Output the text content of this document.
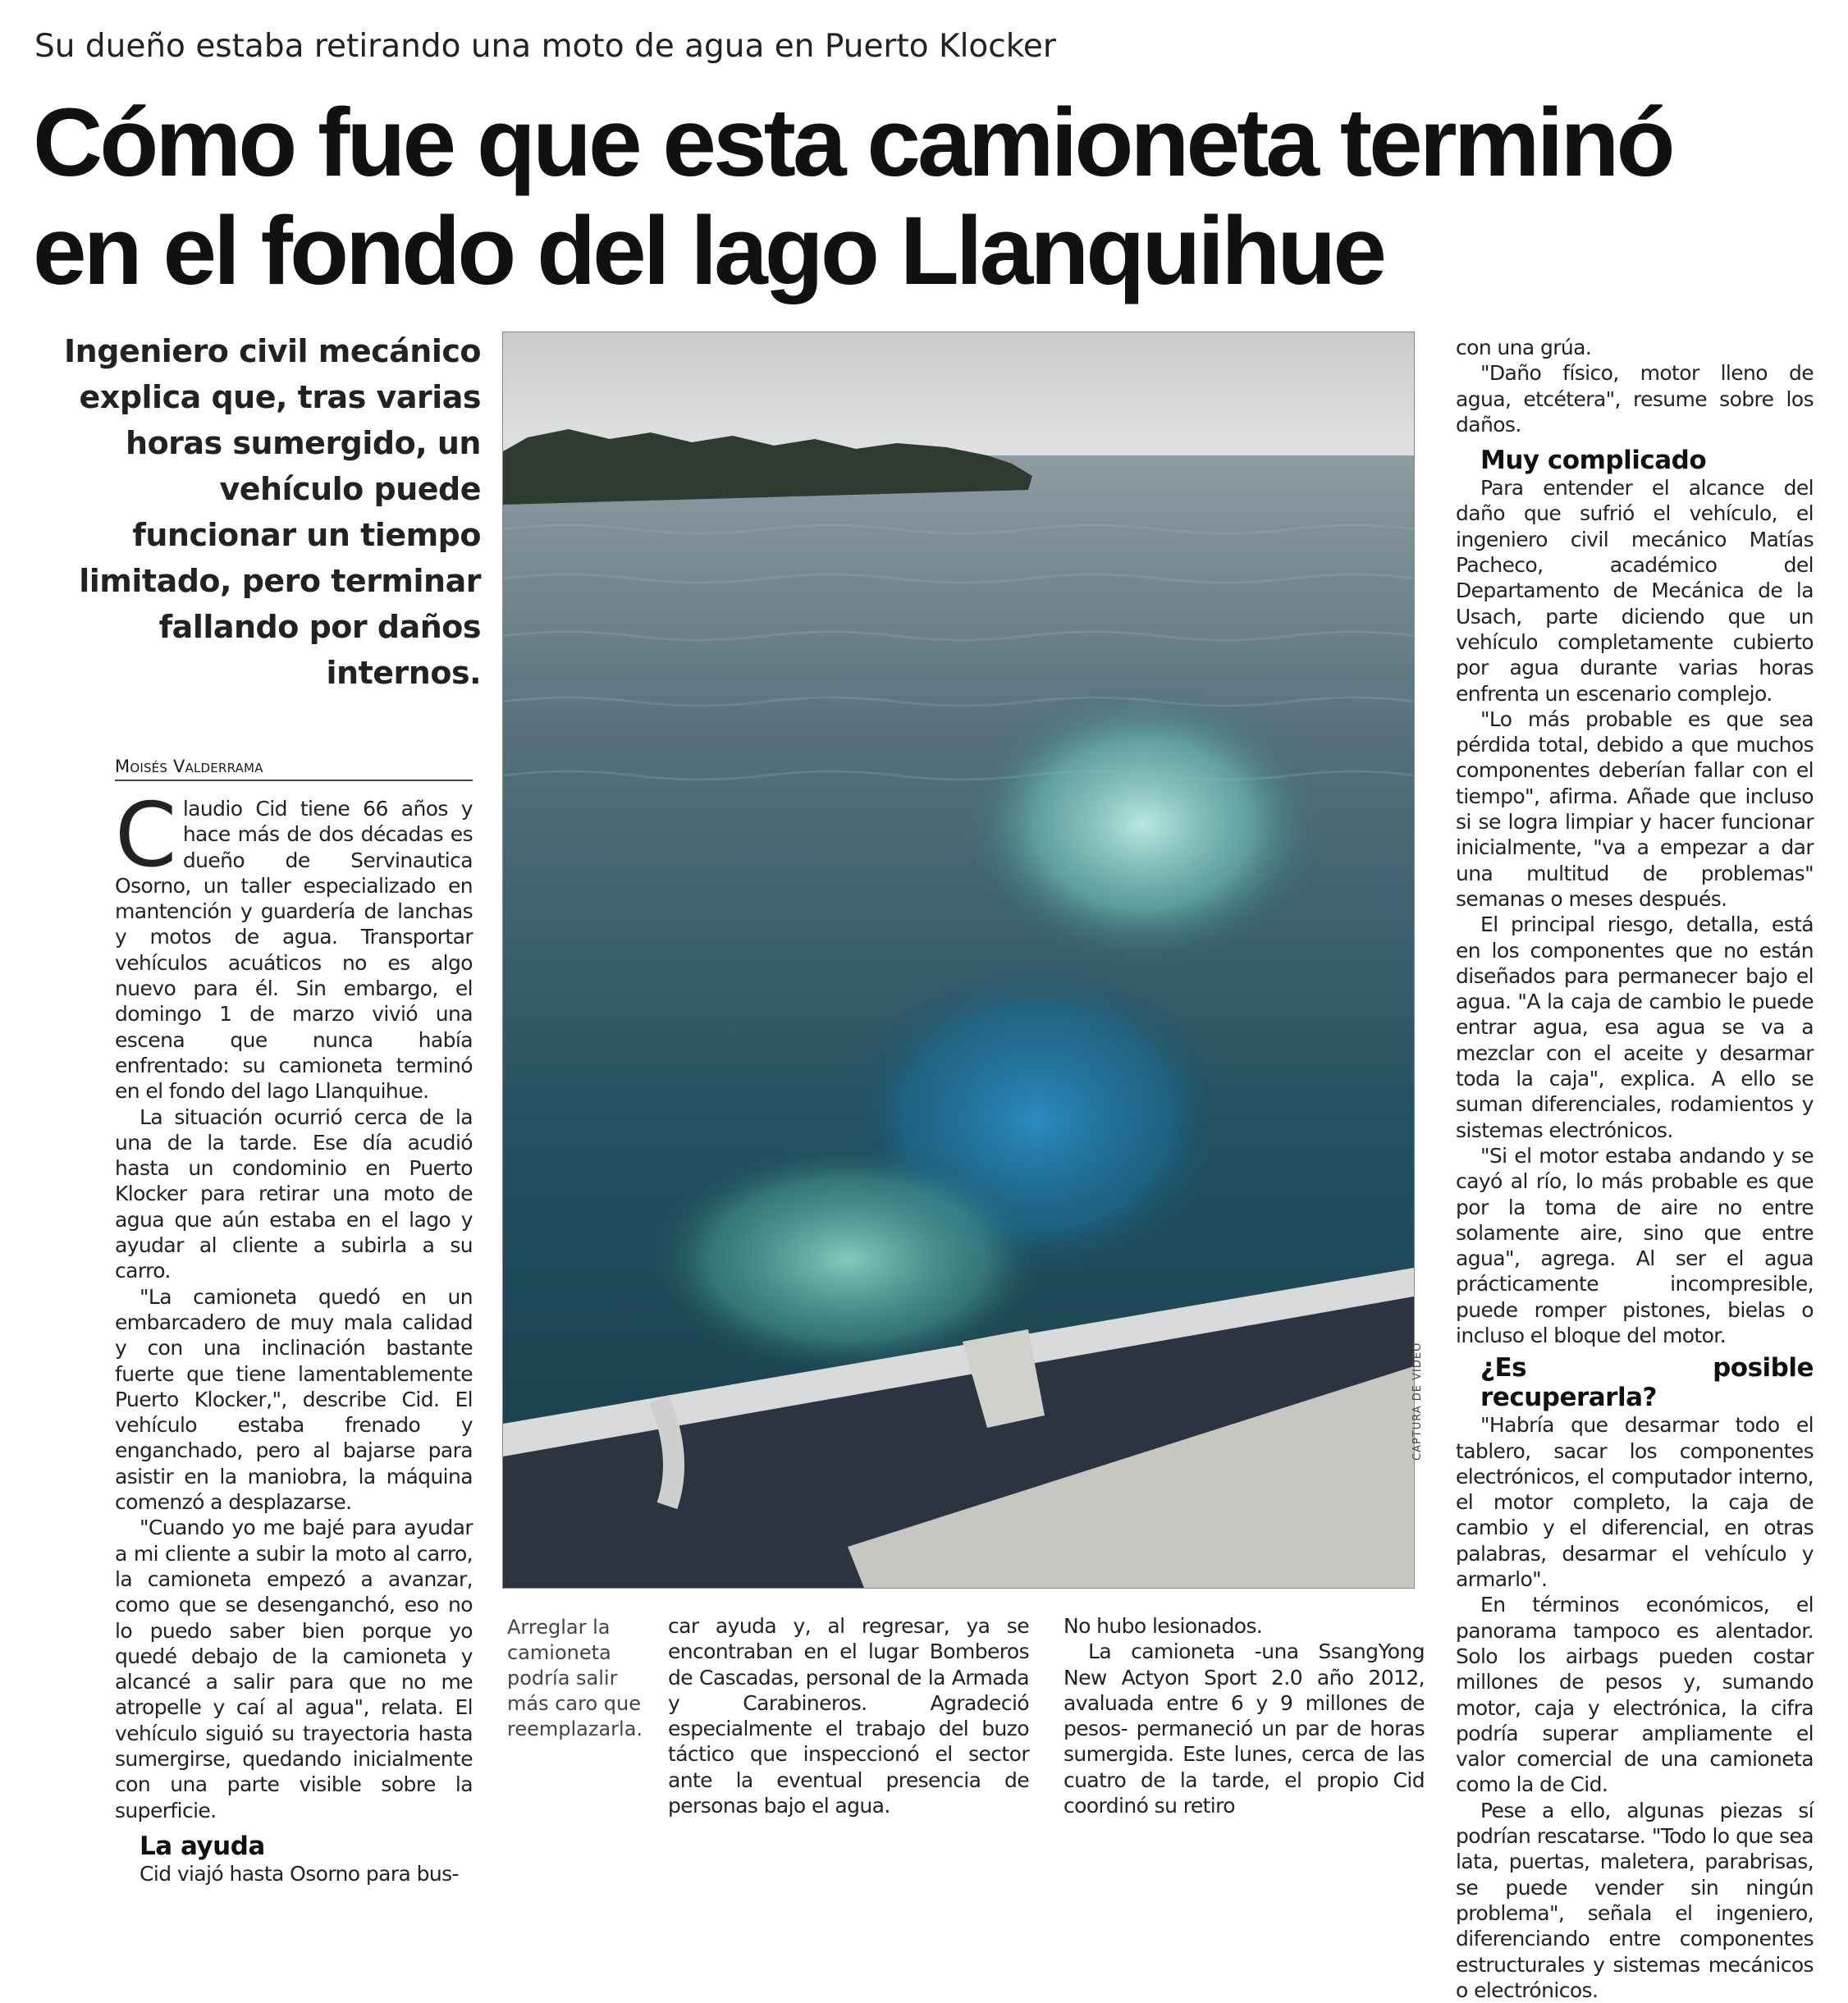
Su dueño estaba retirando una moto de agua en Puerto Klocker
Cómo fue que esta camioneta terminó
en el fondo del lago Llanquihue
Ingeniero civil mecánico explica que, tras varias horas sumergido, un vehículo puede funcionar un tiempo limitado, pero terminar fallando por daños internos.
Moisés Valderrama

Claudio Cid tiene 66 años y hace más de dos décadas es dueño de Servinautica Osorno, un taller especializado en mantención y guardería de lanchas y motos de agua. Transportar vehículos acuáticos no es algo nuevo para él. Sin embargo, el domingo 1 de marzo vivió una escena que nunca había enfrentado: su camioneta terminó en el fondo del lago Llanquihue.

La situación ocurrió cerca de la una de la tarde. Ese día acudió hasta un condominio en Puerto Klocker para retirar una moto de agua que aún estaba en el lago y ayudar al cliente a subirla a su carro.

"La camioneta quedó en un embarcadero de muy mala calidad y con una inclinación bastante fuerte que tiene lamentablemente Puerto Klocker,", describe Cid. El vehículo estaba frenado y enganchado, pero al bajarse para asistir en la maniobra, la máquina comenzó a desplazarse.

"Cuando yo me bajé para ayudar a mi cliente a subir la moto al carro, la camioneta empezó a avanzar, como que se desenganchó, eso no lo puedo saber bien porque yo quedé debajo de la camioneta y alcancé a salir para que no me atropelle y caí al agua", relata. El vehículo siguió su trayectoria hasta sumergirse, quedando inicialmente con una parte visible sobre la superficie.

La ayuda

Cid viajó hasta Osorno para bus-

CAPTURA DE VIDEO
Arreglar la camioneta podría salir más caro que reemplazarla.

car ayuda y, al regresar, ya se encontraban en el lugar Bomberos de Cascadas, personal de la Armada y Carabineros. Agradeció especialmente el trabajo del buzo táctico que inspeccionó el sector ante la eventual presencia de personas bajo el agua.

No hubo lesionados.

La camioneta -una SsangYong New Actyon Sport 2.0 año 2012, avaluada entre 6 y 9 millones de pesos- permaneció un par de horas sumergida. Este lunes, cerca de las cuatro de la tarde, el propio Cid coordinó su retiro

con una grúa.

"Daño físico, motor lleno de agua, etcétera", resume sobre los daños.

Muy complicado

Para entender el alcance del daño que sufrió el vehículo, el ingeniero civil mecánico Matías Pacheco, académico del Departamento de Mecánica de la Usach, parte diciendo que un vehículo completamente cubierto por agua durante varias horas enfrenta un escenario complejo.

"Lo más probable es que sea pérdida total, debido a que muchos componentes deberían fallar con el tiempo", afirma. Añade que incluso si se logra limpiar y hacer funcionar inicialmente, "va a empezar a dar una multitud de problemas" semanas o meses después.

El principal riesgo, detalla, está en los componentes que no están diseñados para permanecer bajo el agua. "A la caja de cambio le puede entrar agua, esa agua se va a mezclar con el aceite y desarmar toda la caja", explica. A ello se suman diferenciales, rodamientos y sistemas electrónicos.

"Si el motor estaba andando y se cayó al río, lo más probable es que por la toma de aire no entre solamente aire, sino que entre agua", agrega. Al ser el agua prácticamente incompresible, puede romper pistones, bielas o incluso el bloque del motor.

¿Es posible recuperarla?

"Habría que desarmar todo el tablero, sacar los componentes electrónicos, el computador interno, el motor completo, la caja de cambio y el diferencial, en otras palabras, desarmar el vehículo y armarlo".

En términos económicos, el panorama tampoco es alentador. Solo los airbags pueden costar millones de pesos y, sumando motor, caja y electrónica, la cifra podría superar ampliamente el valor comercial de una camioneta como la de Cid.

Pese a ello, algunas piezas sí podrían rescatarse. "Todo lo que sea lata, puertas, maletera, parabrisas, se puede vender sin ningún problema", señala el ingeniero, diferenciando entre componentes estructurales y sistemas mecánicos o electrónicos.
